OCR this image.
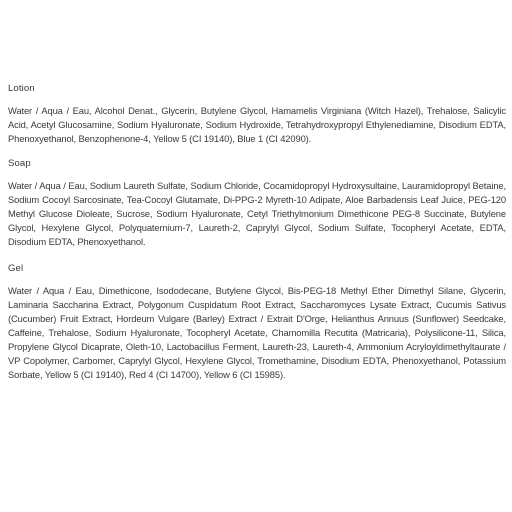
Lotion
Water / Aqua / Eau, Alcohol Denat., Glycerin, Butylene Glycol, Hamamelis Virginiana (Witch Hazel), Trehalose, Salicylic Acid, Acetyl Glucosamine, Sodium Hyaluronate, Sodium Hydroxide, Tetrahydroxypropyl Ethylenediamine, Disodium EDTA, Phenoxyethanol, Benzophenone-4, Yellow 5 (CI 19140), Blue 1 (CI 42090).
Soap
Water / Aqua / Eau, Sodium Laureth Sulfate, Sodium Chloride, Cocamidopropyl Hydroxysultaine, Lauramidopropyl Betaine, Sodium Cocoyl Sarcosinate, Tea-Cocoyl Glutamate, Di-PPG-2 Myreth-10 Adipate, Aloe Barbadensis Leaf Juice, PEG-120 Methyl Glucose Dioleate, Sucrose, Sodium Hyaluronate, Cetyl Triethylmonium Dimethicone PEG-8 Succinate, Butylene Glycol, Hexylene Glycol, Polyquaternium-7, Laureth-2, Caprylyl Glycol, Sodium Sulfate, Tocopheryl Acetate, EDTA, Disodium EDTA, Phenoxyethanol.
Gel
Water / Aqua / Eau, Dimethicone, Isododecane, Butylene Glycol, Bis-PEG-18 Methyl Ether Dimethyl Silane, Glycerin, Laminaria Saccharina Extract, Polygonum Cuspidatum Root Extract, Saccharomyces Lysate Extract, Cucumis Sativus (Cucumber) Fruit Extract, Hordeum Vulgare (Barley) Extract / Extrait D'Orge, Helianthus Annuus (Sunflower) Seedcake, Caffeine, Trehalose, Sodium Hyaluronate, Tocopheryl Acetate, Chamomilla Recutita (Matricaria), Polysilicone-11, Silica, Propylene Glycol Dicaprate, Oleth-10, Lactobacillus Ferment, Laureth-23, Laureth-4, Ammonium Acryloyldimethyltaurate / VP Copolymer, Carbomer, Caprylyl Glycol, Hexylene Glycol, Tromethamine, Disodium EDTA, Phenoxyethanol, Potassium Sorbate, Yellow 5 (CI 19140), Red 4 (CI 14700), Yellow 6 (CI 15985).
